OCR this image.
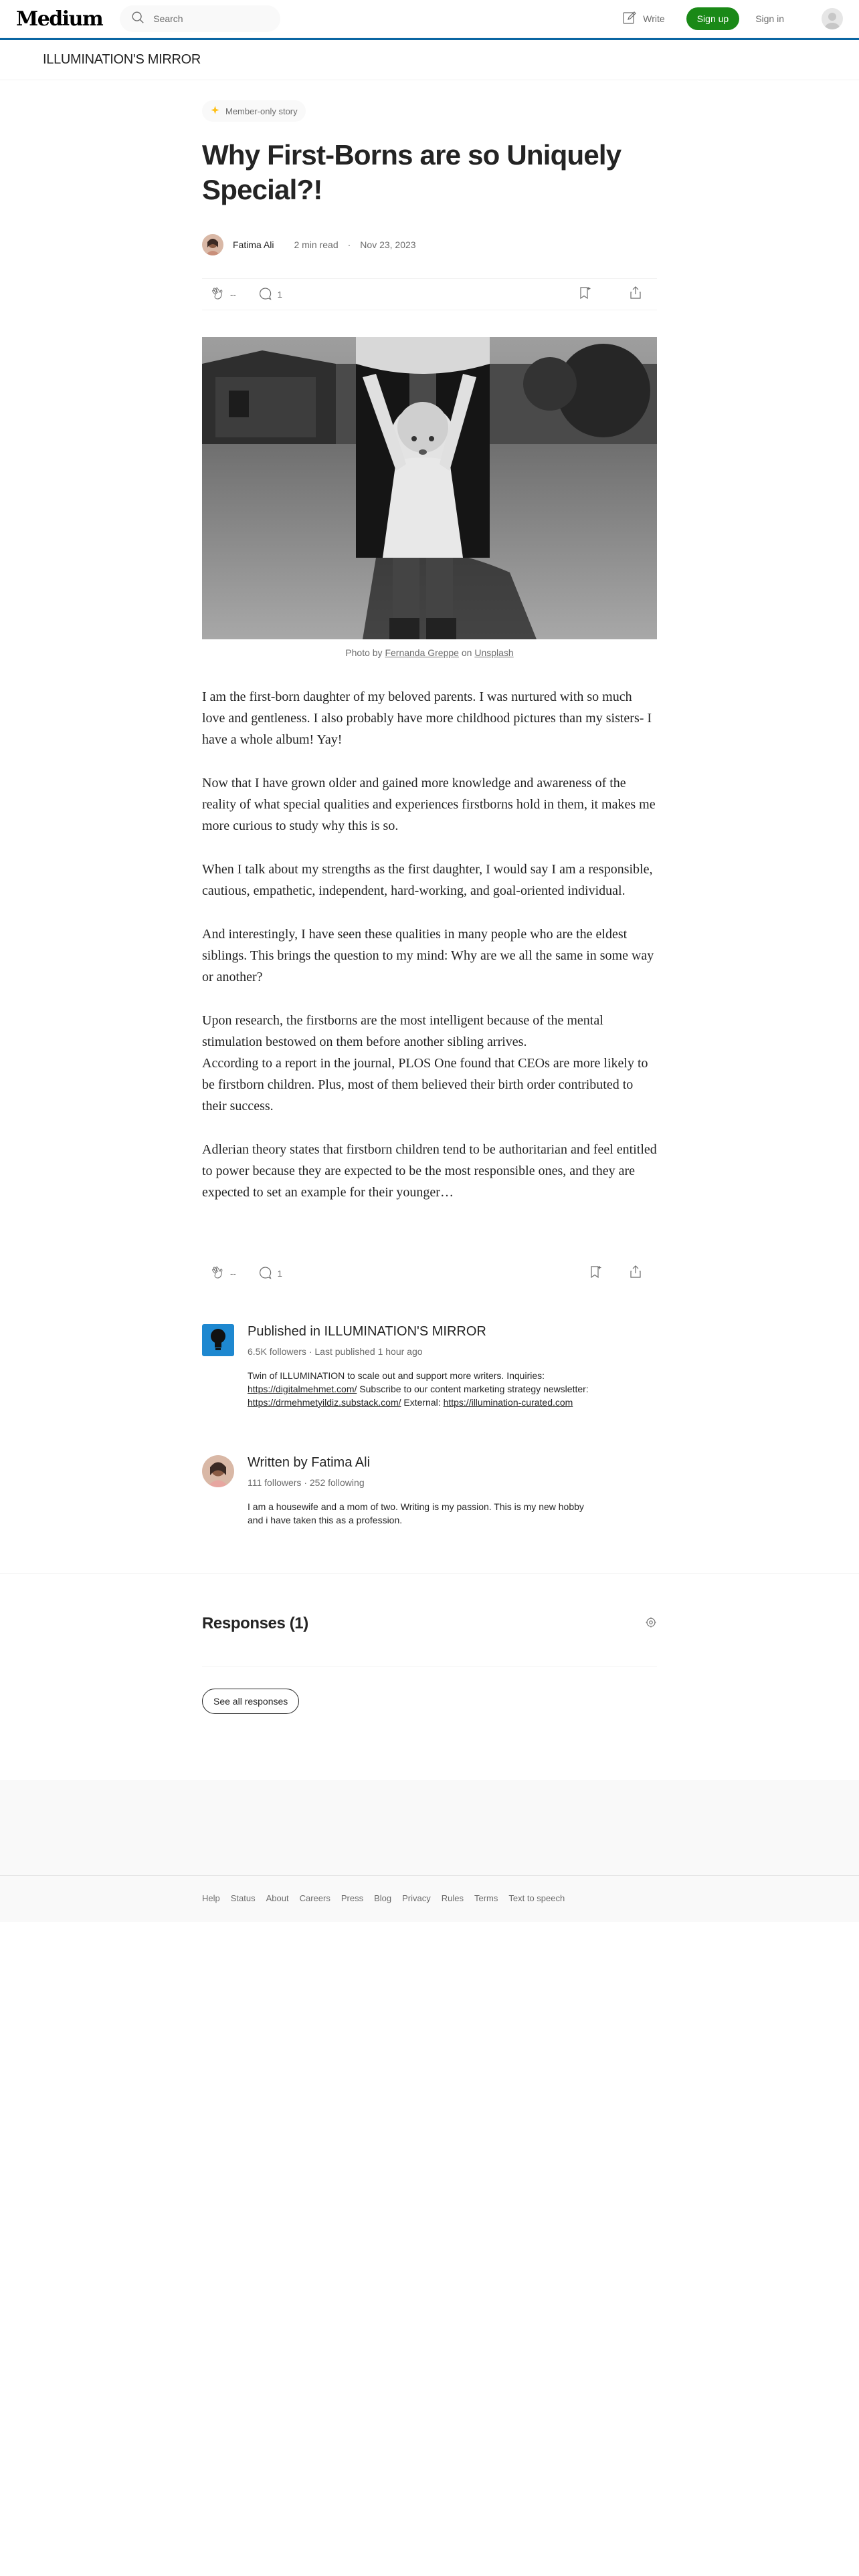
Medium
Search	Write	Sign up	Sign in
ILLUMINATION'S MIRROR
Member-only story
Why First-Borns are so Uniquely Special?!
Fatima Ali 2 min read · Nov 23, 2023
--	1
Photo by Fernanda Greppe on Unsplash

I am the first-born daughter of my beloved parents. I was nurtured with so much love and gentleness. I also probably have more childhood pictures than my sisters- I have a whole album! Yay!

Now that I have grown older and gained more knowledge and awareness of the reality of what special qualities and experiences firstborns hold in them, it makes me more curious to study why this is so.

When I talk about my strengths as the first daughter, I would say I am a responsible, cautious, empathetic, independent, hard-working, and goal-oriented individual.

And interestingly, I have seen these qualities in many people who are the eldest siblings. This brings the question to my mind: Why are we all the same in some way or another?

Upon research, the firstborns are the most intelligent because of the mental stimulation bestowed on them before another sibling arrives.

According to a report in the journal, PLOS One found that CEOs are more likely to be firstborn children. Plus, most of them believed their birth order contributed to their success.

Adlerian theory states that firstborn children tend to be authoritarian and feel entitled to power because they are expected to be the most responsible ones, and they are expected to set an example for their younger…

--	1
Published in ILLUMINATION'S MIRROR
6.5K followers · Last published 1 hour ago
Twin of ILLUMINATION to scale out and support more writers. Inquiries: https://digitalmehmet.com/ Subscribe to our content marketing strategy newsletter: https://drmehmetyildiz.substack.com/ External: https://illumination-curated.com
Written by Fatima Ali
111 followers · 252 following
I am a housewife and a mom of two. Writing is my passion. This is my new hobby and i have taken this as a profession.
Responses (1)
See all responses
Help Status About Careers Press Blog Privacy Rules Terms Text to speech
